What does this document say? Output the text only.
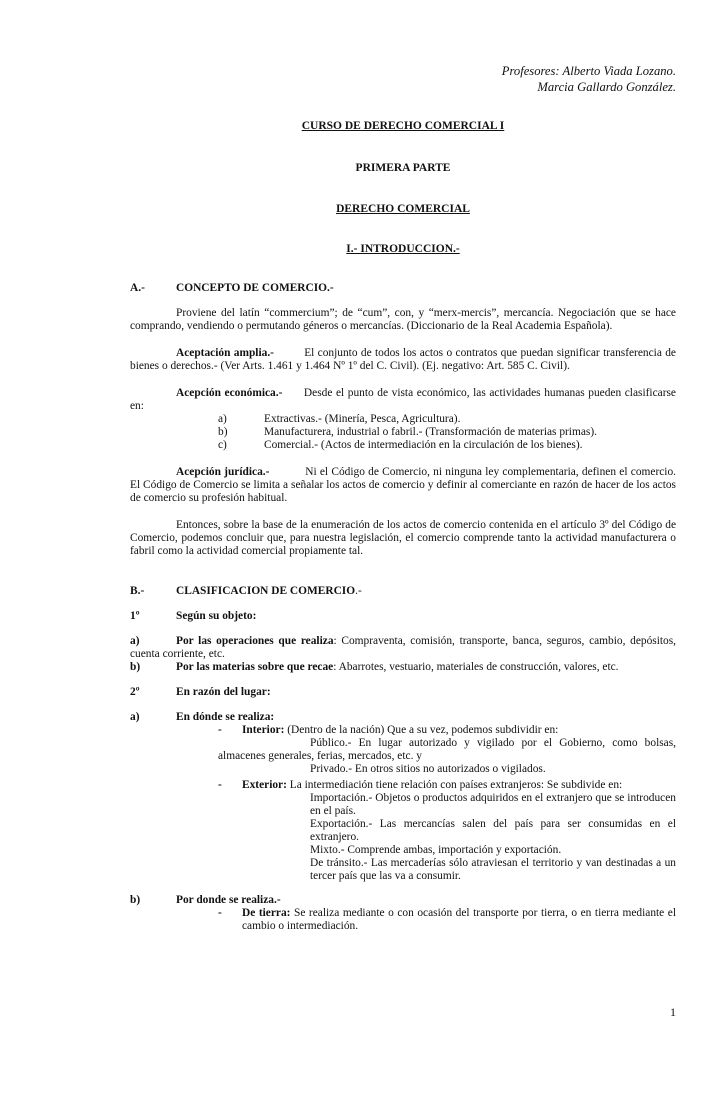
Profesores: Alberto Viada Lozano.
Marcia Gallardo González.
CURSO DE DERECHO COMERCIAL I
PRIMERA PARTE
DERECHO COMERCIAL
I.- INTRODUCCION.-
A.-	CONCEPTO DE COMERCIO.-

Proviene del latín “commercium”; de “cum”, con, y “merx-mercis”, mercancía. Negociación que se hace comprando, vendiendo o permutando géneros o mercancías. (Diccionario de la Real Academia Española).

Aceptación amplia.-	El conjunto de todos los actos o contratos que puedan significar transferencia de bienes o derechos.- (Ver Arts. 1.461 y 1.464 Nº 1º del C. Civil). (Ej. negativo: Art. 585 C. Civil).

Acepción económica.- Desde el punto de vista económico, las actividades humanas pueden clasificarse en:

a)	Extractivas.- (Minería, Pesca, Agricultura).
b)	Manufacturera, industrial o fabril.- (Transformación de materias primas).
c)	Comercial.- (Actos de intermediación en la circulación de los bienes).

Acepción jurídica.-	Ni el Código de Comercio, ni ninguna ley complementaria, definen el comercio. El Código de Comercio se limita a señalar los actos de comercio y definir al comerciante en razón de hacer de los actos de comercio su profesión habitual.

Entonces, sobre la base de la enumeración de los actos de comercio contenida en el artículo 3º del Código de Comercio, podemos concluir que, para nuestra legislación, el comercio comprende tanto la actividad manufacturera o fabril como la actividad comercial propiamente tal.

B.-	CLASIFICACION DE COMERCIO .-
1º	Según su objeto:
a)	Por las operaciones que realiza: Compraventa, comisión, transporte, banca, seguros, cambio, depósitos, cuenta corriente, etc.
b)	Por las materias sobre que recae: Abarrotes, vestuario, materiales de construcción, valores, etc.
2º	En razón del lugar:
a)	En dónde se realiza:
-	Interior: (Dentro de la nación) Que a su vez, podemos subdividir en:
Público.- En lugar autorizado y vigilado por el Gobierno, como bolsas, almacenes generales, ferias, mercados, etc. y
Privado.- En otros sitios no autorizados o vigilados.
-	Exterior: La intermediación tiene relación con países extranjeros: Se subdivide en:
Importación.- Objetos o productos adquiridos en el extranjero que se introducen en el país.
Exportación.- Las mercancías salen del país para ser consumidas en el extranjero.
Mixto.- Comprende ambas, importación y exportación.
De tránsito.- Las mercaderías sólo atraviesan el territorio y van destinadas a un tercer país que las va a consumir.
b)	Por donde se realiza.-
-	De tierra: Se realiza mediante o con ocasión del transporte por tierra, o en tierra mediante el cambio o intermediación.
1
